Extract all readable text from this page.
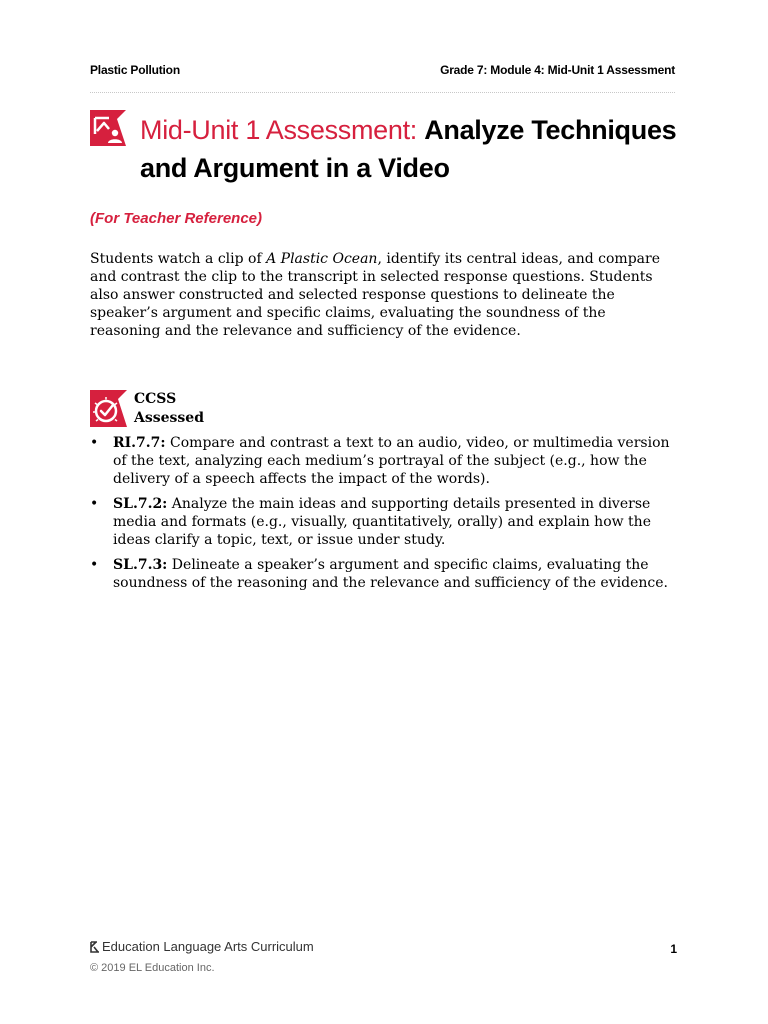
Plastic Pollution	Grade 7: Module 4: Mid-Unit 1 Assessment
Mid-Unit 1 Assessment: Analyze Techniques and Argument in a Video
(For Teacher Reference)
Students watch a clip of A Plastic Ocean, identify its central ideas, and compare and contrast the clip to the transcript in selected response questions. Students also answer constructed and selected response questions to delineate the speaker’s argument and specific claims, evaluating the soundness of the reasoning and the relevance and sufficiency of the evidence.
CCSS
Assessed
• RI.7.7: Compare and contrast a text to an audio, video, or multimedia version of the text, analyzing each medium’s portrayal of the subject (e.g., how the delivery of a speech affects the impact of the words).
• SL.7.2: Analyze the main ideas and supporting details presented in diverse media and formats (e.g., visually, quantitatively, orally) and explain how the ideas clarify a topic, text, or issue under study.
• SL.7.3: Delineate a speaker’s argument and specific claims, evaluating the soundness of the reasoning and the relevance and sufficiency of the evidence.
Education Language Arts Curriculum
© 2019 EL Education Inc.
1
